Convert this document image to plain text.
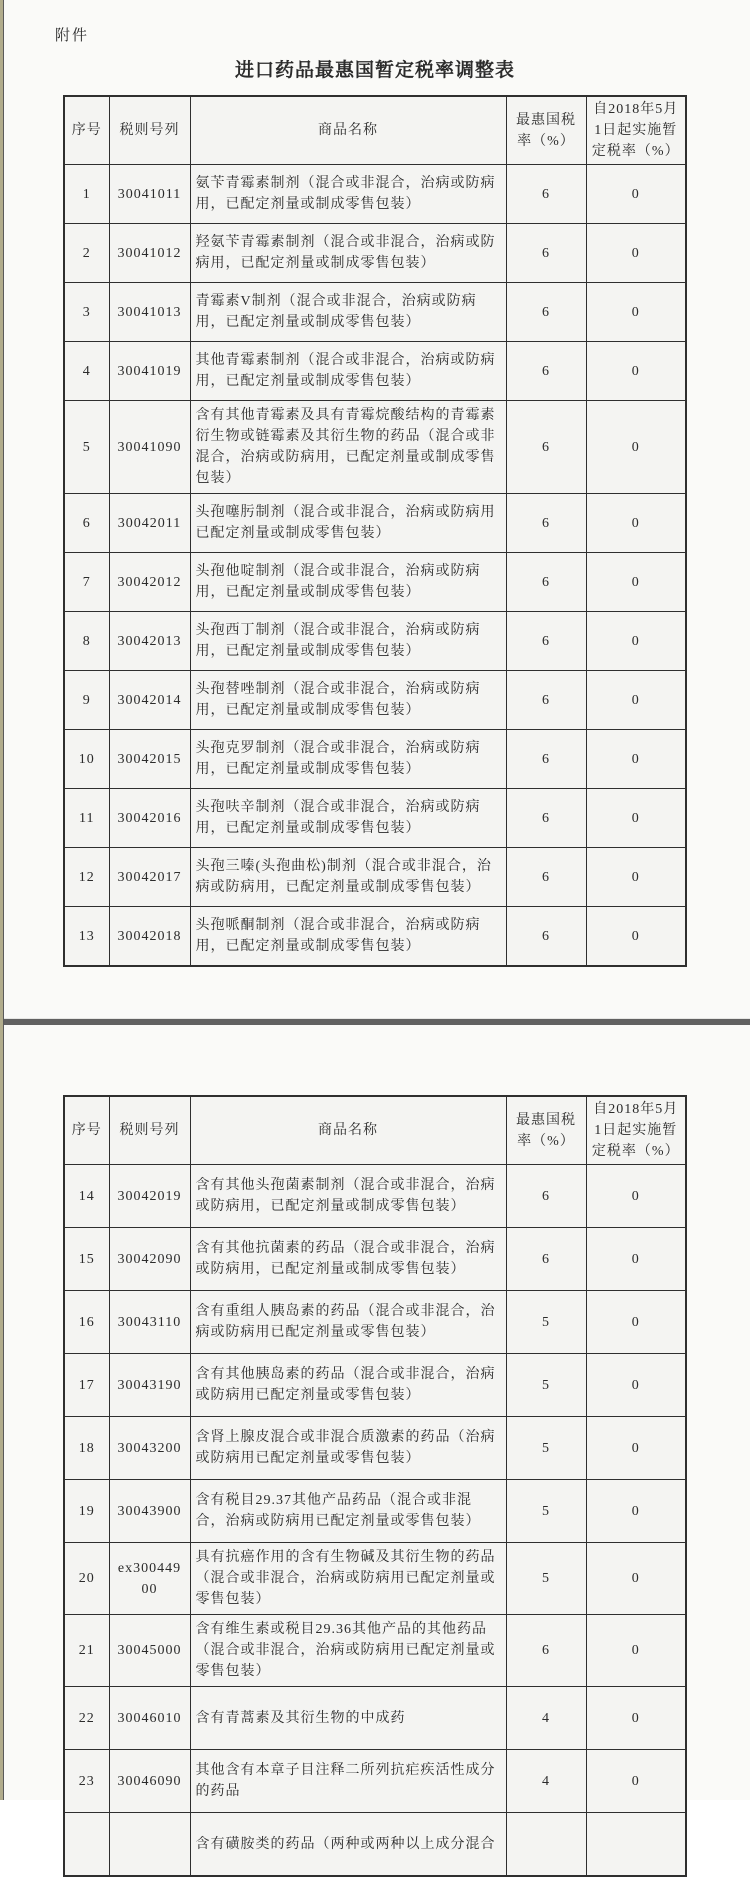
附件

进口药品最惠国暂定税率调整表
序号	税则号列	商品名称	最惠国税率（%）	自2018年5月1日起实施暂定税率（%）
1	30041011	氨苄青霉素制剂（混合或非混合，治病或防病用，已配定剂量或制成零售包装）	6	0
2	30041012	羟氨苄青霉素制剂（混合或非混合，治病或防病用，已配定剂量或制成零售包装）	6	0
3	30041013	青霉素V制剂（混合或非混合，治病或防病用，已配定剂量或制成零售包装）	6	0
4	30041019	其他青霉素制剂（混合或非混合，治病或防病用，已配定剂量或制成零售包装）	6	0
5	30041090	含有其他青霉素及具有青霉烷酸结构的青霉素衍生物或链霉素及其衍生物的药品（混合或非混合，治病或防病用，已配定剂量或制成零售包装）	6	0
6	30042011	头孢噻肟制剂（混合或非混合，治病或防病用已配定剂量或制成零售包装）	6	0
7	30042012	头孢他啶制剂（混合或非混合，治病或防病用，已配定剂量或制成零售包装）	6	0
8	30042013	头孢西丁制剂（混合或非混合，治病或防病用，已配定剂量或制成零售包装）	6	0
9	30042014	头孢替唑制剂（混合或非混合，治病或防病用，已配定剂量或制成零售包装）	6	0
10	30042015	头孢克罗制剂（混合或非混合，治病或防病用，已配定剂量或制成零售包装）	6	0
11	30042016	头孢呋辛制剂（混合或非混合，治病或防病用，已配定剂量或制成零售包装）	6	0
12	30042017	头孢三嗪(头孢曲松)制剂（混合或非混合，治病或防病用，已配定剂量或制成零售包装）	6	0
13	30042018	头孢哌酮制剂（混合或非混合，治病或防病用，已配定剂量或制成零售包装）	6	0
序号	税则号列	商品名称	最惠国税率（%）	自2018年5月1日起实施暂定税率（%）
14	30042019	含有其他头孢菌素制剂（混合或非混合，治病或防病用，已配定剂量或制成零售包装）	6	0
15	30042090	含有其他抗菌素的药品（混合或非混合，治病或防病用，已配定剂量或制成零售包装）	6	0
16	30043110	含有重组人胰岛素的药品（混合或非混合，治病或防病用已配定剂量或零售包装）	5	0
17	30043190	含有其他胰岛素的药品（混合或非混合，治病或防病用已配定剂量或零售包装）	5	0
18	30043200	含肾上腺皮混合或非混合质激素的药品（治病或防病用已配定剂量或零售包装）	5	0
19	30043900	含有税目29.37其他产品药品（混合或非混合，治病或防病用已配定剂量或零售包装）	5	0
20	ex30044900	具有抗癌作用的含有生物碱及其衍生物的药品（混合或非混合，治病或防病用已配定剂量或零售包装）	5	0
21	30045000	含有维生素或税目29.36其他产品的其他药品（混合或非混合，治病或防病用已配定剂量或零售包装）	6	0
22	30046010	含有青蒿素及其衍生物的中成药	4	0
23	30046090	其他含有本章子目注释二所列抗疟疾活性成分的药品	4	0
		含有磺胺类的药品（两种或两种以上成分混合		
